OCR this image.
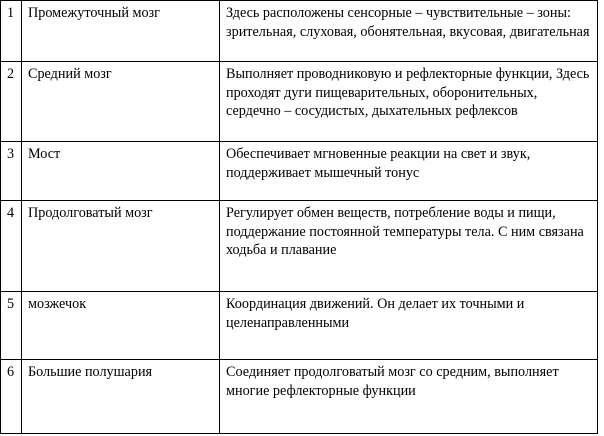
1	Промежуточный мозг	Здесь расположены сенсорные – чувствительные – зоны: зрительная, слуховая, обонятельная, вкусовая, двигательная

2	Средний мозг	Выполняет проводниковую и рефлекторные функции, Здесь проходят дуги пищеварительных, оборонительных, сердечно – сосудистых, дыхательных рефлексов

3	Мост	Обеспечивает мгновенные реакции на свет и звук, поддерживает мышечный тонус

4	Продолговатый мозг	Регулирует обмен веществ, потребление воды и пищи, поддержание постоянной температуры тела. С ним связана ходьба и плавание

5	мозжечок	Координация движений. Он делает их точными и целенаправленными

6	Большие полушария	Соединяет продолговатый мозг со средним, выполняет многие рефлекторные функции
